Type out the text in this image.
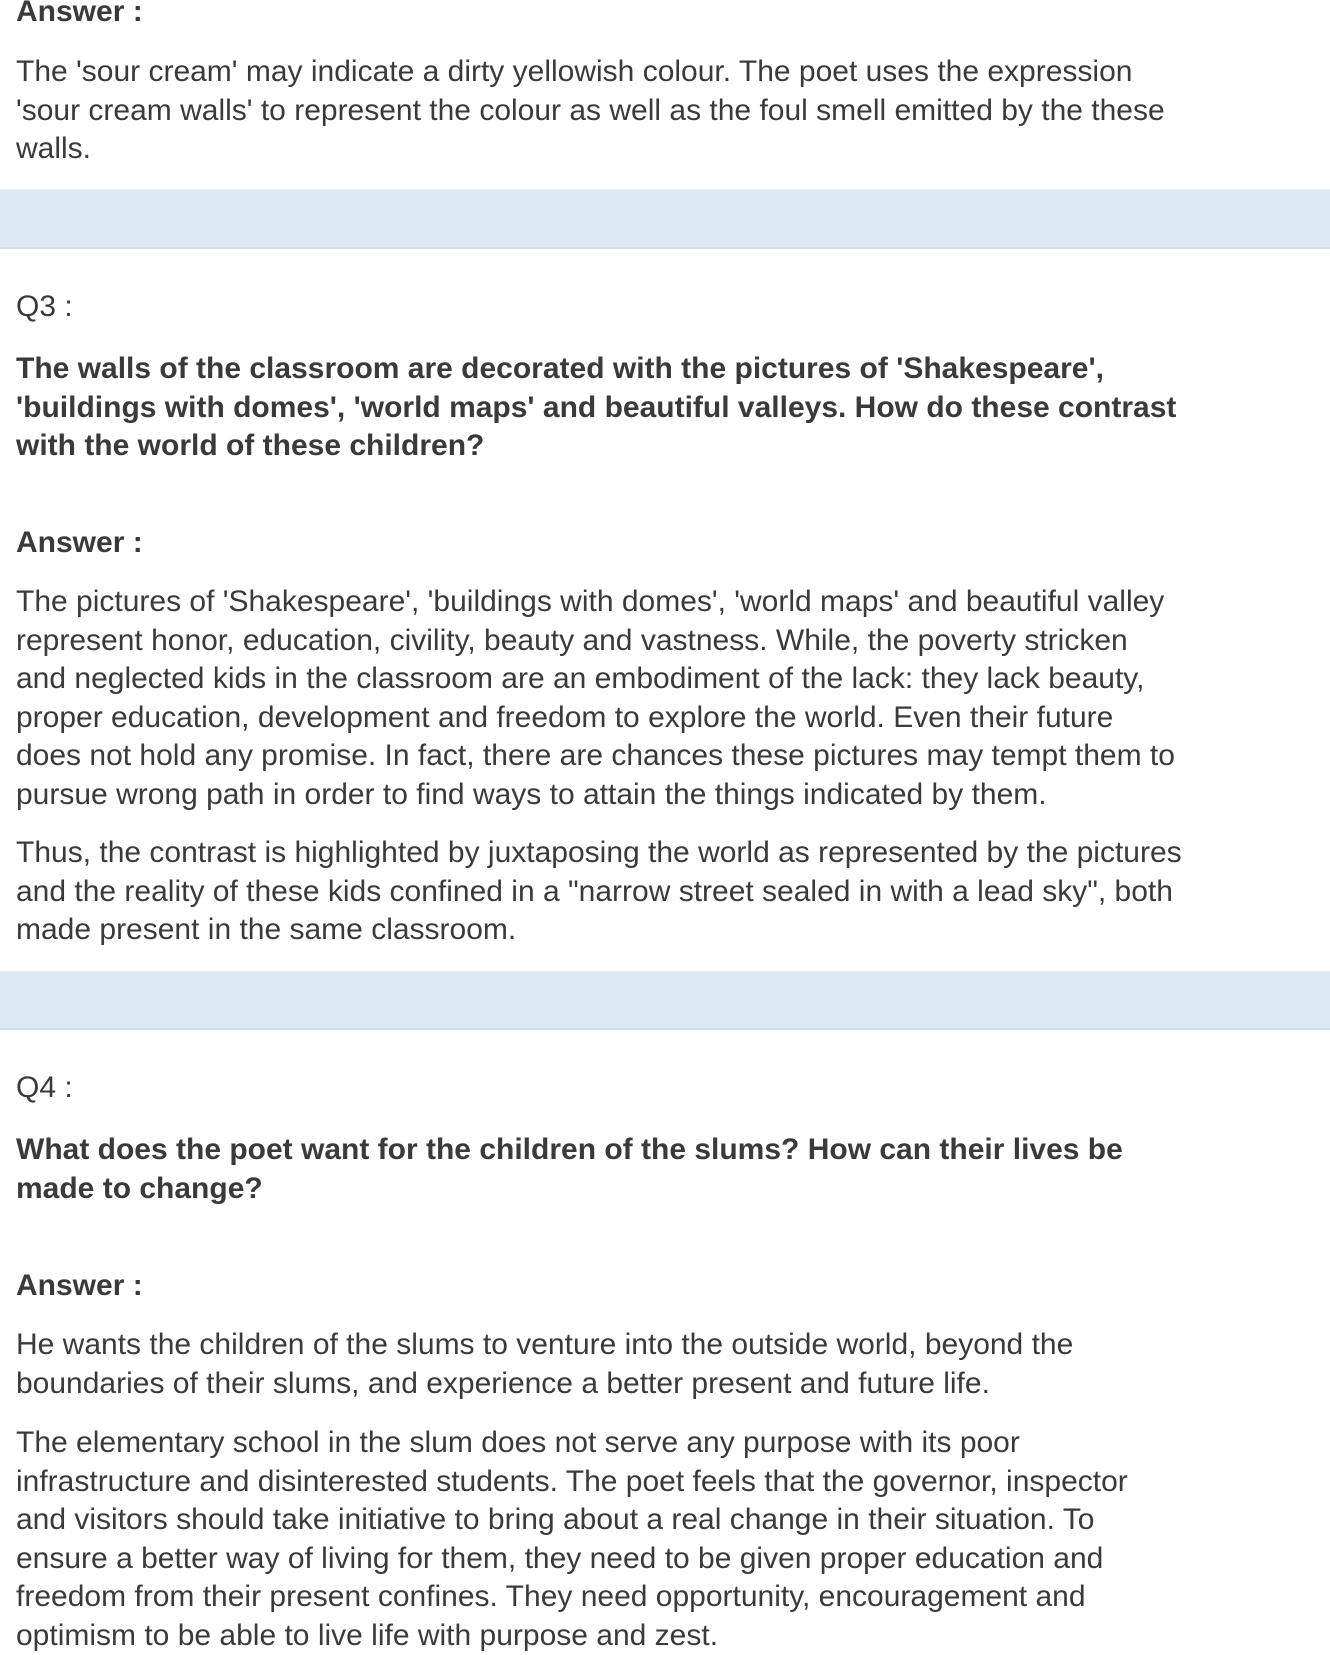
Answer :
The 'sour cream' may indicate a dirty yellowish colour. The poet uses the expression
'sour cream walls' to represent the colour as well as the foul smell emitted by the these
walls.
Q3 :
The walls of the classroom are decorated with the pictures of 'Shakespeare',
'buildings with domes', 'world maps' and beautiful valleys. How do these contrast
with the world of these children?
Answer :
The pictures of 'Shakespeare', 'buildings with domes', 'world maps' and beautiful valley
represent honor, education, civility, beauty and vastness. While, the poverty stricken
and neglected kids in the classroom are an embodiment of the lack: they lack beauty,
proper education, development and freedom to explore the world. Even their future
does not hold any promise. In fact, there are chances these pictures may tempt them to
pursue wrong path in order to find ways to attain the things indicated by them.
Thus, the contrast is highlighted by juxtaposing the world as represented by the pictures
and the reality of these kids confined in a "narrow street sealed in with a lead sky", both
made present in the same classroom.
Q4 :
What does the poet want for the children of the slums? How can their lives be
made to change?
Answer :
He wants the children of the slums to venture into the outside world, beyond the
boundaries of their slums, and experience a better present and future life.
The elementary school in the slum does not serve any purpose with its poor
infrastructure and disinterested students. The poet feels that the governor, inspector
and visitors should take initiative to bring about a real change in their situation. To
ensure a better way of living for them, they need to be given proper education and
freedom from their present confines. They need opportunity, encouragement and
optimism to be able to live life with purpose and zest.
